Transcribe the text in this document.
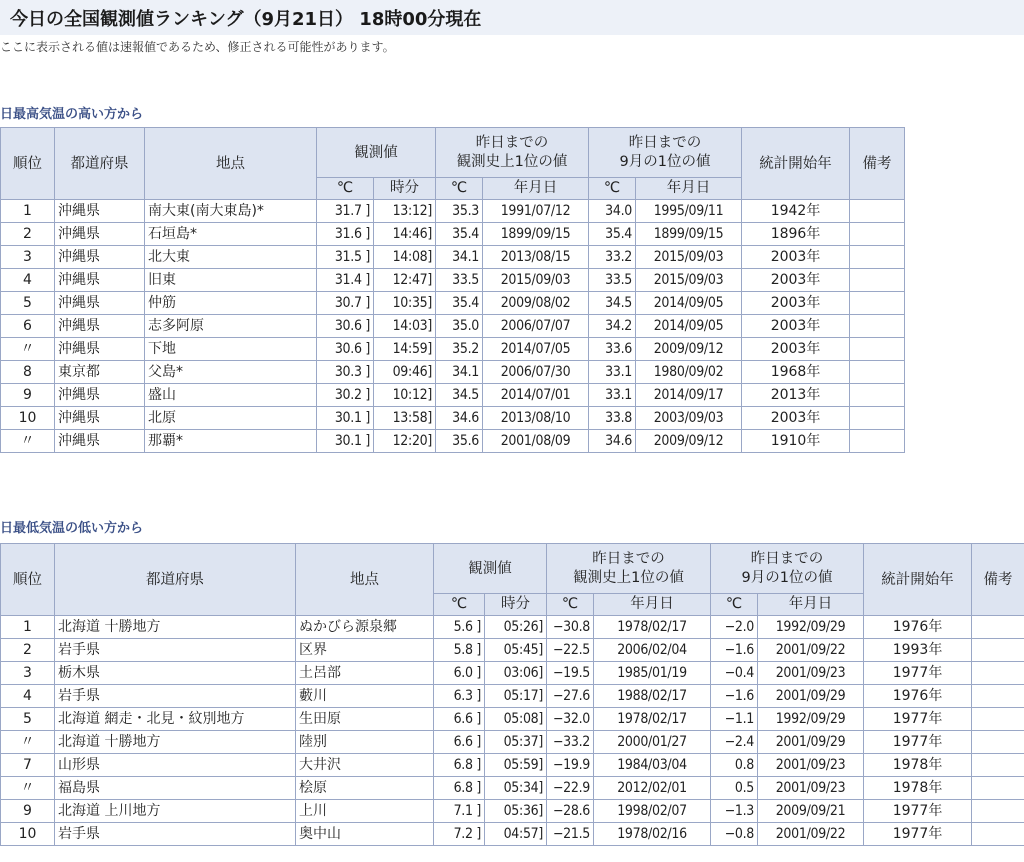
今日の全国観測値ランキング（9月21日） 18時00分現在
ここに表示される値は速報値であるため、修正される可能性があります。
日最高気温の高い方から
順位	都道府県	地点	観測値		昨日までの
観測史上1位の値		昨日までの
9月の1位の値		統計開始年	備考
			℃	時分	℃	年月日	℃	年月日		
1	沖縄県	南大東(南大東島)*	31.7 ]	13:12]	35.3	1991/07/12	34.0	1995/09/11	1942年	
2	沖縄県	石垣島*	31.6 ]	14:46]	35.4	1899/09/15	35.4	1899/09/15	1896年	
3	沖縄県	北大東	31.5 ]	14:08]	34.1	2013/08/15	33.2	2015/09/03	2003年	
4	沖縄県	旧東	31.4 ]	12:47]	33.5	2015/09/03	33.5	2015/09/03	2003年	
5	沖縄県	仲筋	30.7 ]	10:35]	35.4	2009/08/02	34.5	2014/09/05	2003年	
6	沖縄県	志多阿原	30.6 ]	14:03]	35.0	2006/07/07	34.2	2014/09/05	2003年	
〃	沖縄県	下地	30.6 ]	14:59]	35.2	2014/07/05	33.6	2009/09/12	2003年	
8	東京都	父島*	30.3 ]	09:46]	34.1	2006/07/30	33.1	1980/09/02	1968年	
9	沖縄県	盛山	30.2 ]	10:12]	34.5	2014/07/01	33.1	2014/09/17	2013年	
10	沖縄県	北原	30.1 ]	13:58]	34.6	2013/08/10	33.8	2003/09/03	2003年	
〃	沖縄県	那覇*	30.1 ]	12:20]	35.6	2001/08/09	34.6	2009/09/12	1910年	
日最低気温の低い方から
順位	都道府県	地点	観測値		昨日までの
観測史上1位の値		昨日までの
9月の1位の値		統計開始年	備考
			℃	時分	℃	年月日	℃	年月日		
1	北海道 十勝地方	ぬかびら源泉郷	5.6 ]	05:26]	−30.8	1978/02/17	−2.0	1992/09/29	1976年	
2	岩手県	区界	5.8 ]	05:45]	−22.5	2006/02/04	−1.6	2001/09/22	1993年	
3	栃木県	土呂部	6.0 ]	03:06]	−19.5	1985/01/19	−0.4	2001/09/23	1977年	
4	岩手県	藪川	6.3 ]	05:17]	−27.6	1988/02/17	−1.6	2001/09/29	1976年	
5	北海道 網走・北見・紋別地方	生田原	6.6 ]	05:08]	−32.0	1978/02/17	−1.1	1992/09/29	1977年	
〃	北海道 十勝地方	陸別	6.6 ]	05:37]	−33.2	2000/01/27	−2.4	2001/09/29	1977年	
7	山形県	大井沢	6.8 ]	05:59]	−19.9	1984/03/04	0.8	2001/09/23	1978年	
〃	福島県	桧原	6.8 ]	05:34]	−22.9	2012/02/01	0.5	2001/09/23	1978年	
9	北海道 上川地方	上川	7.1 ]	05:36]	−28.6	1998/02/07	−1.3	2009/09/21	1977年	
10	岩手県	奥中山	7.2 ]	04:57]	−21.5	1978/02/16	−0.8	2001/09/22	1977年	
